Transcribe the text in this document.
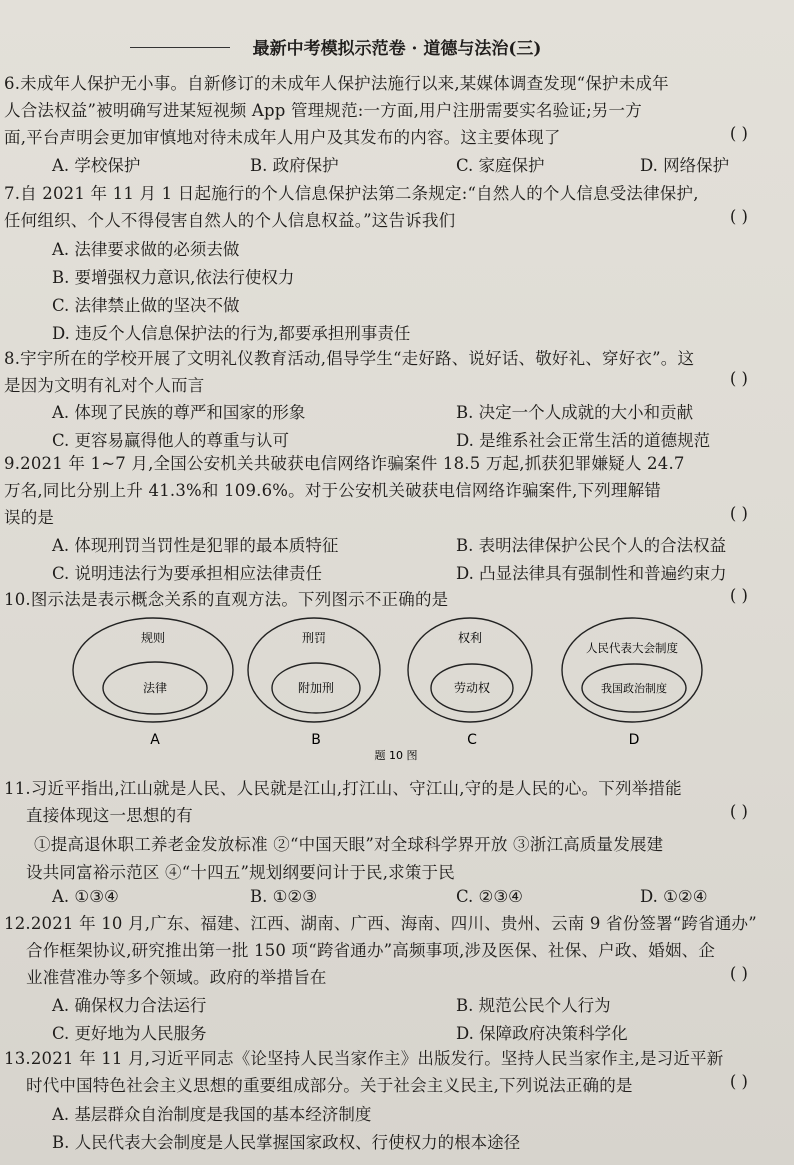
最新中考模拟示范卷 · 道德与法治(三)
6.未成年人保护无小事。自新修订的未成年人保护法施行以来,某媒体调查发现“保护未成年
人合法权益”被明确写进某短视频 App 管理规范:一方面,用户注册需要实名验证;另一方
面,平台声明会更加审慎地对待未成年人用户及其发布的内容。这主要体现了	( )
A. 学校保护	B. 政府保护	C. 家庭保护	D. 网络保护
7.自 2021 年 11 月 1 日起施行的个人信息保护法第二条规定:“自然人的个人信息受法律保护,
任何组织、个人不得侵害自然人的个人信息权益。”这告诉我们	( )
A. 法律要求做的必须去做
B. 要增强权力意识,依法行使权力
C. 法律禁止做的坚决不做
D. 违反个人信息保护法的行为,都要承担刑事责任
8.宇宇所在的学校开展了文明礼仪教育活动,倡导学生“走好路、说好话、敬好礼、穿好衣”。这
是因为文明有礼对个人而言	( )
A. 体现了民族的尊严和国家的形象	B. 决定一个人成就的大小和贡献
C. 更容易赢得他人的尊重与认可	D. 是维系社会正常生活的道德规范
9.2021 年 1~7 月,全国公安机关共破获电信网络诈骗案件 18.5 万起,抓获犯罪嫌疑人 24.7
万名,同比分别上升 41.3%和 109.6%。对于公安机关破获电信网络诈骗案件,下列理解错
误的是	( )
A. 体现刑罚当罚性是犯罪的最本质特征	B. 表明法律保护公民个人的合法权益
C. 说明违法行为要承担相应法律责任	D. 凸显法律具有强制性和普遍约束力
10.图示法是表示概念关系的直观方法。下列图示不正确的是	( )
规则
法律
A
刑罚
附加刑
B
权利
劳动权
C
人民代表大会制度
我国政治制度
D
题 10 图
11.习近平指出,江山就是人民、人民就是江山,打江山、守江山,守的是人民的心。下列举措能
直接体现这一思想的有	( )
①提高退休职工养老金发放标准 ②“中国天眼”对全球科学界开放 ③浙江高质量发展建
设共同富裕示范区 ④“十四五”规划纲要问计于民,求策于民
A. ①③④	B. ①②③	C. ②③④	D. ①②④
12.2021 年 10 月,广东、福建、江西、湖南、广西、海南、四川、贵州、云南 9 省份签署“跨省通办”
合作框架协议,研究推出第一批 150 项“跨省通办”高频事项,涉及医保、社保、户政、婚姻、企
业准营准办等多个领域。政府的举措旨在	( )
A. 确保权力合法运行	B. 规范公民个人行为
C. 更好地为人民服务	D. 保障政府决策科学化
13.2021 年 11 月,习近平同志《论坚持人民当家作主》出版发行。坚持人民当家作主,是习近平新
时代中国特色社会主义思想的重要组成部分。关于社会主义民主,下列说法正确的是	( )
A. 基层群众自治制度是我国的基本经济制度
B. 人民代表大会制度是人民掌握国家政权、行使权力的根本途径
